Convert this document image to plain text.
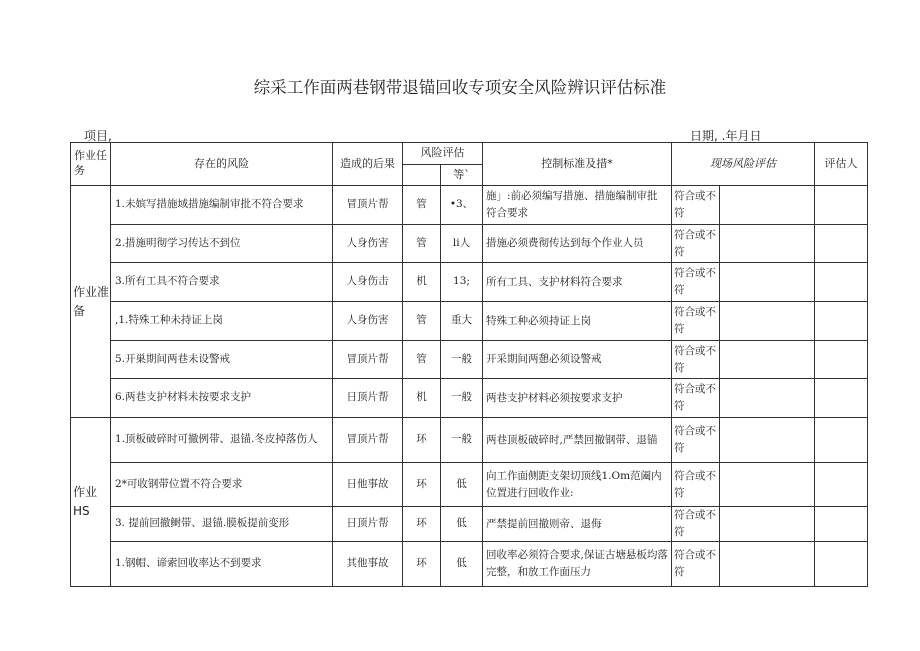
综采工作面两巷钢带退锚回收专项安全风险辨识评估标准
项目,	日期, .年月日
作业任务	存在的风险	造成的后果	风险评估		控制标准及措*	现场风险评估		评估人
				等`				
作业准备	1.未嫔写措施域措施编制审批不符合要求	冒顶片帮	管	•3、	施」:前必须编写措施、措施编制审批符合要求	符合或不符		
	2.措施明彻学习传达不到位	人身伤害	管	li人	措施必须费彻传达到每个作业人员	符合或不符		
	3.所有工具不符合要求	人身伤击	机	13;	所有工具、支护材料符合要求	符合或不符		
	,1.特殊工种未持证上岗	人身伤害	管	重大	特殊工种必须持证上岗	符合或不符		
	5.开巣期间两巷未设警戒	冒顶片帮	管	一般	开采期间两憩必须设警戒	符合或不符		
	6.两巷支护材料未按要求支护	日顶片帮	机	一般	两巷支护材料必须按要求支护	符合或不符		
作业HS	1.顶板破碎时可撤例带、退锚.冬皮掉落伤人	冒顶片帮	环	一般	两巷顶板破碎时,严禁回撤钢带、退锚	符合或不符		
	2*可收钢带位置不符合要求	日他事故	环	低	向工作面侧距支架切顶线1.Om范阖内位置进行回收作业:	符合或不符		
	3. 提前回撤鲥带、退锚.膜板提前变形	日顶片帮	环	低	严禁提前回撤则帝、退侮	符合或不符		
	1.钢帽、谛索回收率达不到要求	其他事故	环	低	回收率必须符合要求,保证古塘悬板均落完整，和放工作面压力	符合或不符		
